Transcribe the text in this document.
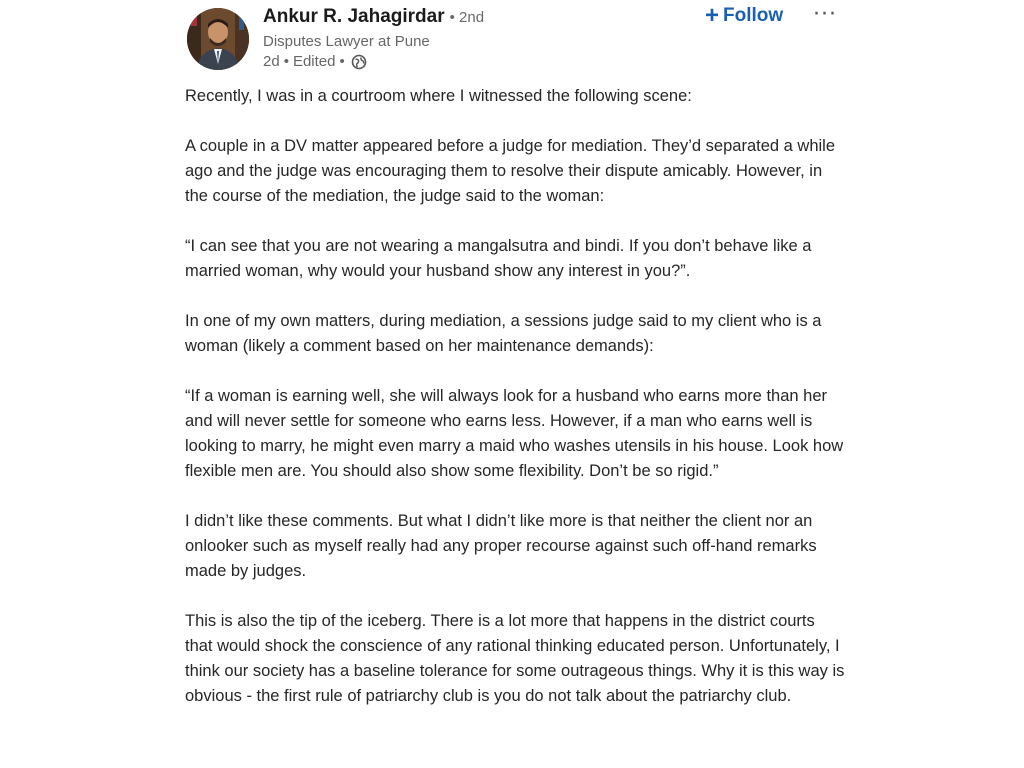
Ankur R. Jahagirdar • 2nd
Disputes Lawyer at Pune
2d • Edited •
+ Follow ···

Recently, I was in a courtroom where I witnessed the following scene:

A couple in a DV matter appeared before a judge for mediation. They’d separated a while ago and the judge was encouraging them to resolve their dispute amicably. However, in the course of the mediation, the judge said to the woman:

“I can see that you are not wearing a mangalsutra and bindi. If you don’t behave like a married woman, why would your husband show any interest in you?”.

In one of my own matters, during mediation, a sessions judge said to my client who is a woman (likely a comment based on her maintenance demands):

“If a woman is earning well, she will always look for a husband who earns more than her and will never settle for someone who earns less. However, if a man who earns well is looking to marry, he might even marry a maid who washes utensils in his house. Look how flexible men are. You should also show some flexibility. Don’t be so rigid.”

I didn’t like these comments. But what I didn’t like more is that neither the client nor an onlooker such as myself really had any proper recourse against such off-hand remarks made by judges.

This is also the tip of the iceberg. There is a lot more that happens in the district courts that would shock the conscience of any rational thinking educated person. Unfortunately, I think our society has a baseline tolerance for some outrageous things. Why it is this way is obvious - the first rule of patriarchy club is you do not talk about the patriarchy club.
